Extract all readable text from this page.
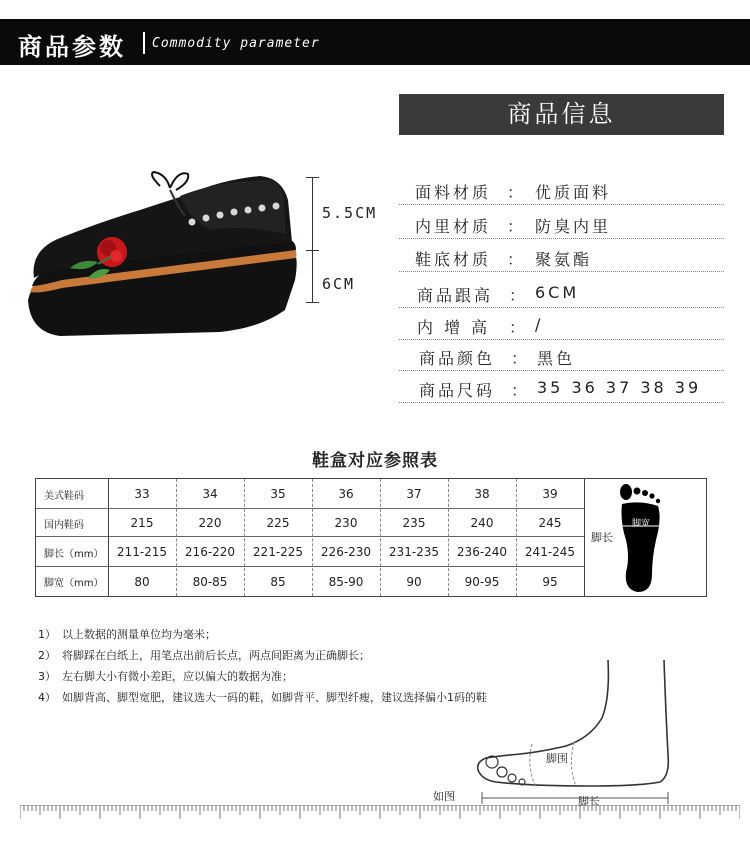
商品参数 Commodity parameter
5.5CM
6CM
商品信息
面料材质 ： 优质面料
内里材质 ： 防臭内里
鞋底材质 ： 聚氨酯
商品跟高 ： 6CM
内 增 高 ： /
商品颜色 ： 黑色
商品尺码 ： 35 36 37 38 39
鞋盒对应参照表
美式鞋码	33	34	35	36	37	38	39
国内鞋码	215	220	225	230	235	240	245
脚长（mm）	211-215	216-220	221-225	226-230	231-235	236-240	241-245
脚宽（mm）	80	80-85	85	85-90	90	90-95	95
脚长
脚宽
1） 以上数据的测量单位均为毫米；
2） 将脚踩在白纸上，用笔点出前后长点，两点间距离为正确脚长；
3） 左右脚大小有微小差距，应以偏大的数据为准；
4） 如脚背高、脚型宽肥，建议选大一码的鞋，如脚背平、脚型纤瘦，建议选择偏小1码的鞋
脚围
脚长
如图
